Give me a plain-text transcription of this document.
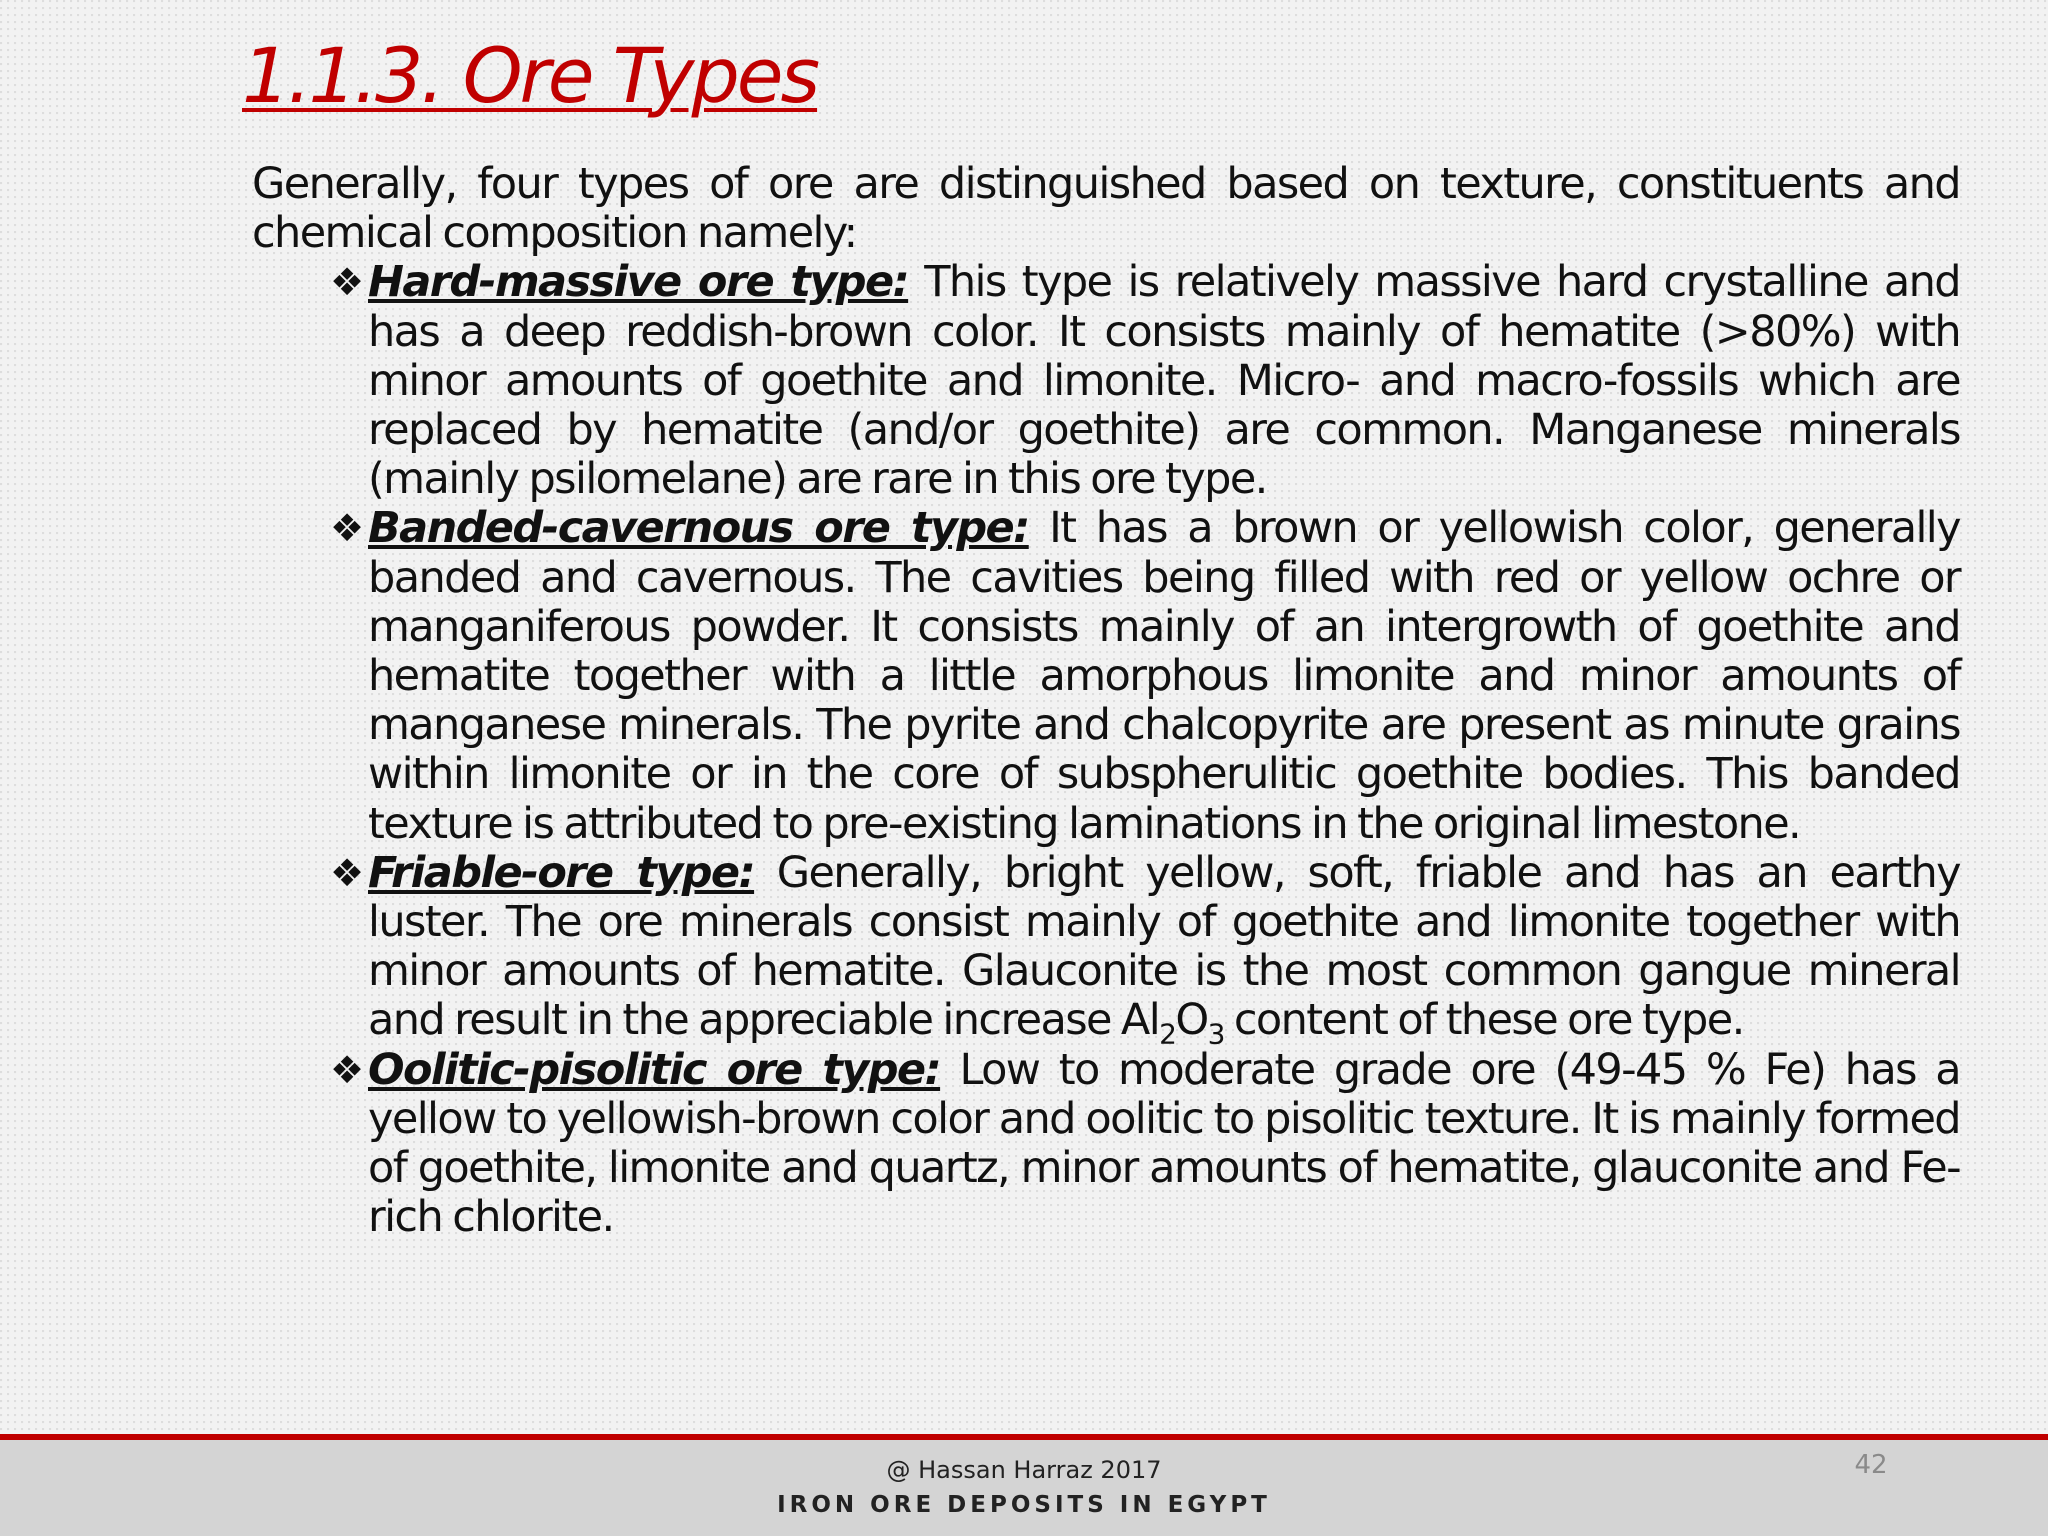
1.1.3. Ore Types

Generally, four types of ore are distinguished based on texture, constituents and chemical composition namely:

❖ Hard-massive ore type: This type is relatively massive hard crystalline and has a deep reddish-brown color. It consists mainly of hematite (>80%) with minor amounts of goethite and limonite. Micro- and macro-fossils which are replaced by hematite (and/or goethite) are common. Manganese minerals (mainly psilomelane) are rare in this ore type.
❖ Banded-cavernous ore type: It has a brown or yellowish color, generally banded and cavernous. The cavities being filled with red or yellow ochre or manganiferous powder. It consists mainly of an intergrowth of goethite and hematite together with a little amorphous limonite and minor amounts of manganese minerals. The pyrite and chalcopyrite are present as minute grains within limonite or in the core of subspherulitic goethite bodies. This banded texture is attributed to pre-existing laminations in the original limestone.
❖ Friable-ore type: Generally, bright yellow, soft, friable and has an earthy luster. The ore minerals consist mainly of goethite and limonite together with minor amounts of hematite. Glauconite is the most common gangue mineral and result in the appreciable increase $Al_2O_3$ content of these ore type.
❖ Oolitic-pisolitic ore type: Low to moderate grade ore (49-45 % Fe) has a yellow to yellowish-brown color and oolitic to pisolitic texture. It is mainly formed of goethite, limonite and quartz, minor amounts of hematite, glauconite and Fe-rich chlorite.
@ Hassan Harraz 2017
IRON ORE DEPOSITS IN EGYPT
42
